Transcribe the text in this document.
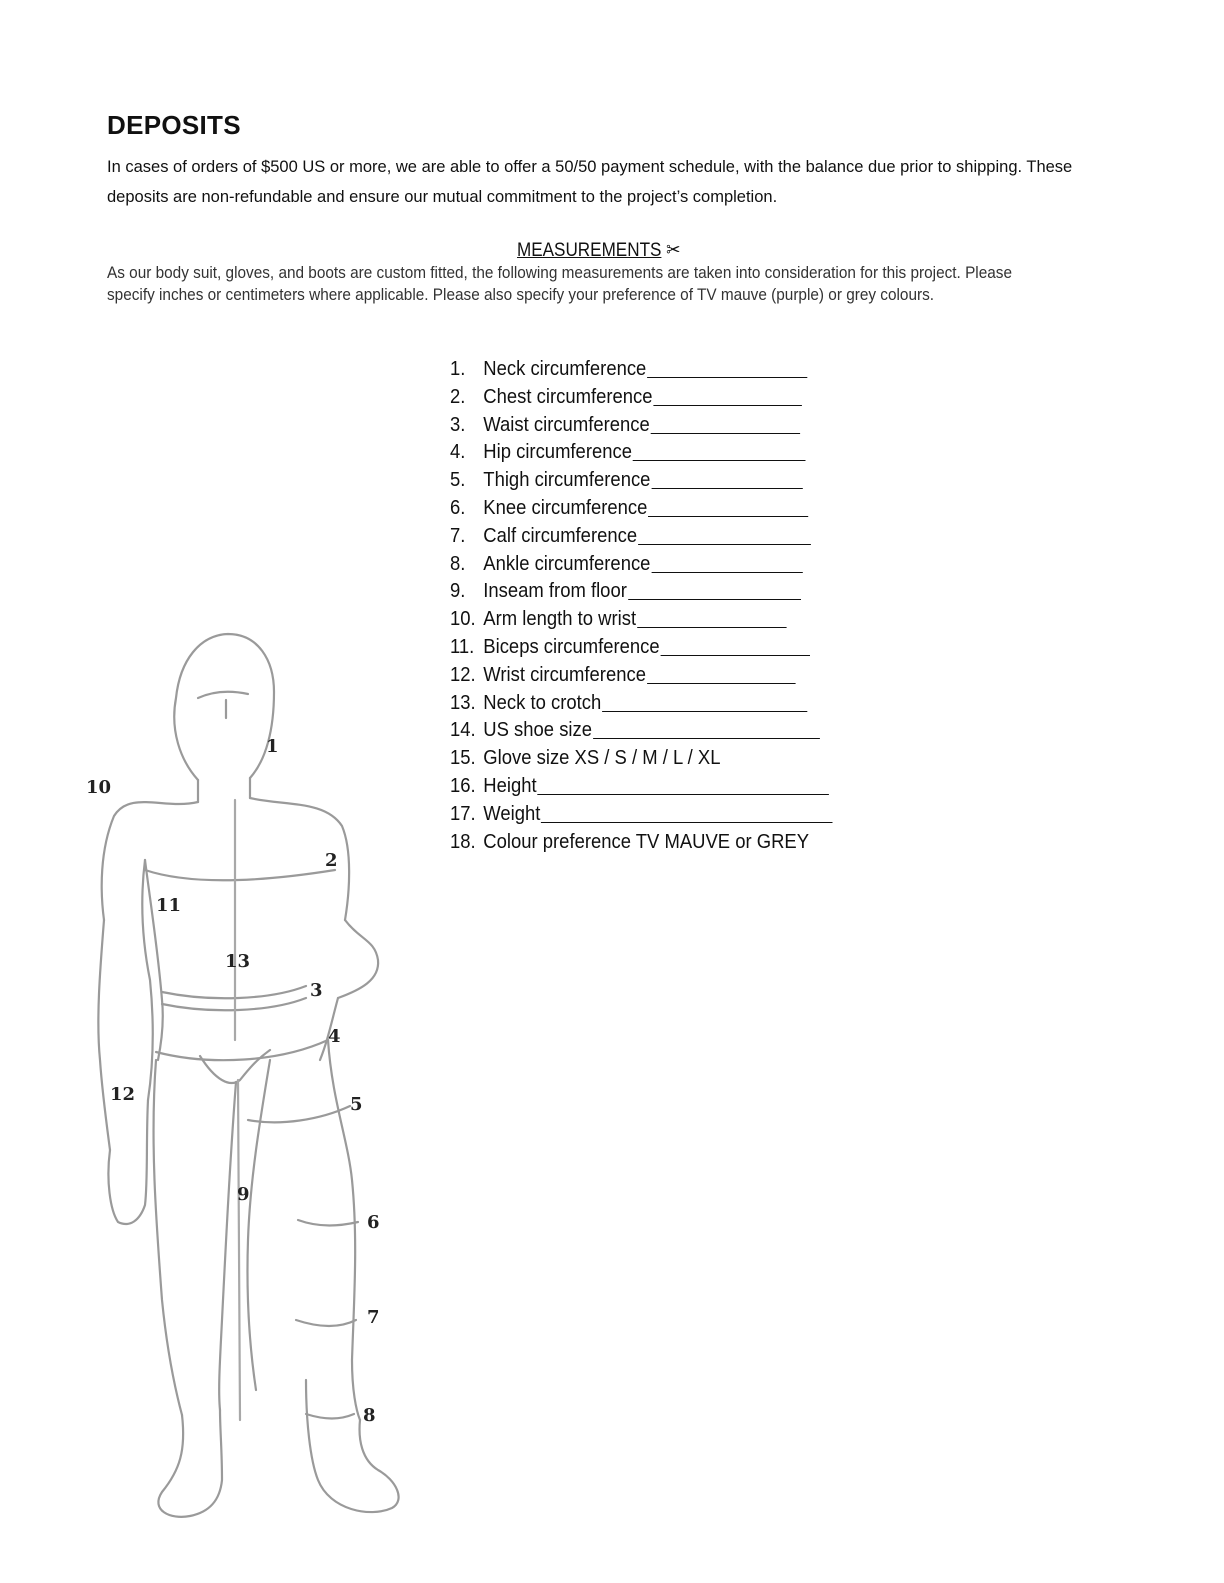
DEPOSITS
In cases of orders of $500 US or more, we are able to offer a 50/50 payment schedule, with the balance due prior to shipping. These deposits are non-refundable and ensure our mutual commitment to the project’s completion.
MEASUREMENTS ✂
As our body suit, gloves, and boots are custom fitted, the following measurements are taken into consideration for this project. Please specify inches or centimeters where applicable. Please also specify your preference of TV mauve (purple) or grey colours.
1. Neck circumference
2. Chest circumference
3. Waist circumference
4. Hip circumference
5. Thigh circumference
6. Knee circumference
7. Calf circumference
8. Ankle circumference
9. Inseam from floor
10. Arm length to wrist
11. Biceps circumference
12. Wrist circumference
13. Neck to crotch
14. US shoe size
15. Glove size XS / S / M / L / XL
16. Height
17. Weight
18. Colour preference TV MAUVE or GREY
1
2
3
4
5
6
7
8
9
10
11
12
13
